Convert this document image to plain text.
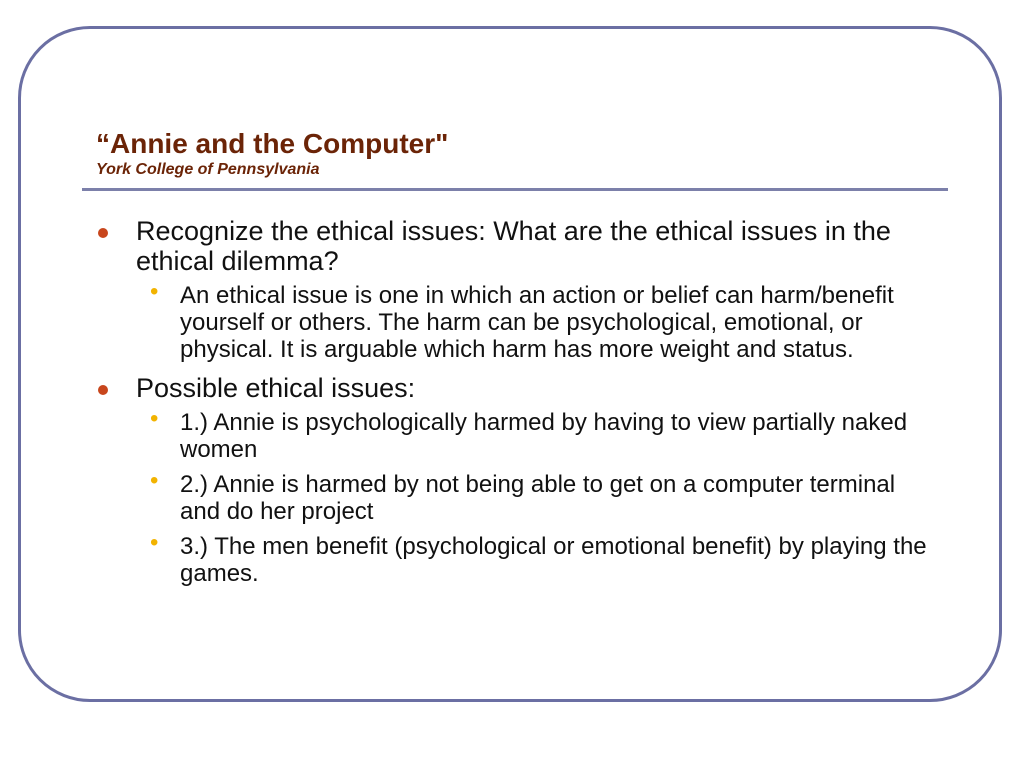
“Annie and the Computer"

York College of Pennsylvania

Recognize the ethical issues: What are the ethical issues in the ethical dilemma?
• An ethical issue is one in which an action or belief can harm/benefit yourself or others. The harm can be psychological, emotional, or physical. It is arguable which harm has more weight and status.
Possible ethical issues:
• 1.) Annie is psychologically harmed by having to view partially naked women
• 2.) Annie is harmed by not being able to get on a computer terminal and do her project
• 3.) The men benefit (psychological or emotional benefit) by playing the games.
